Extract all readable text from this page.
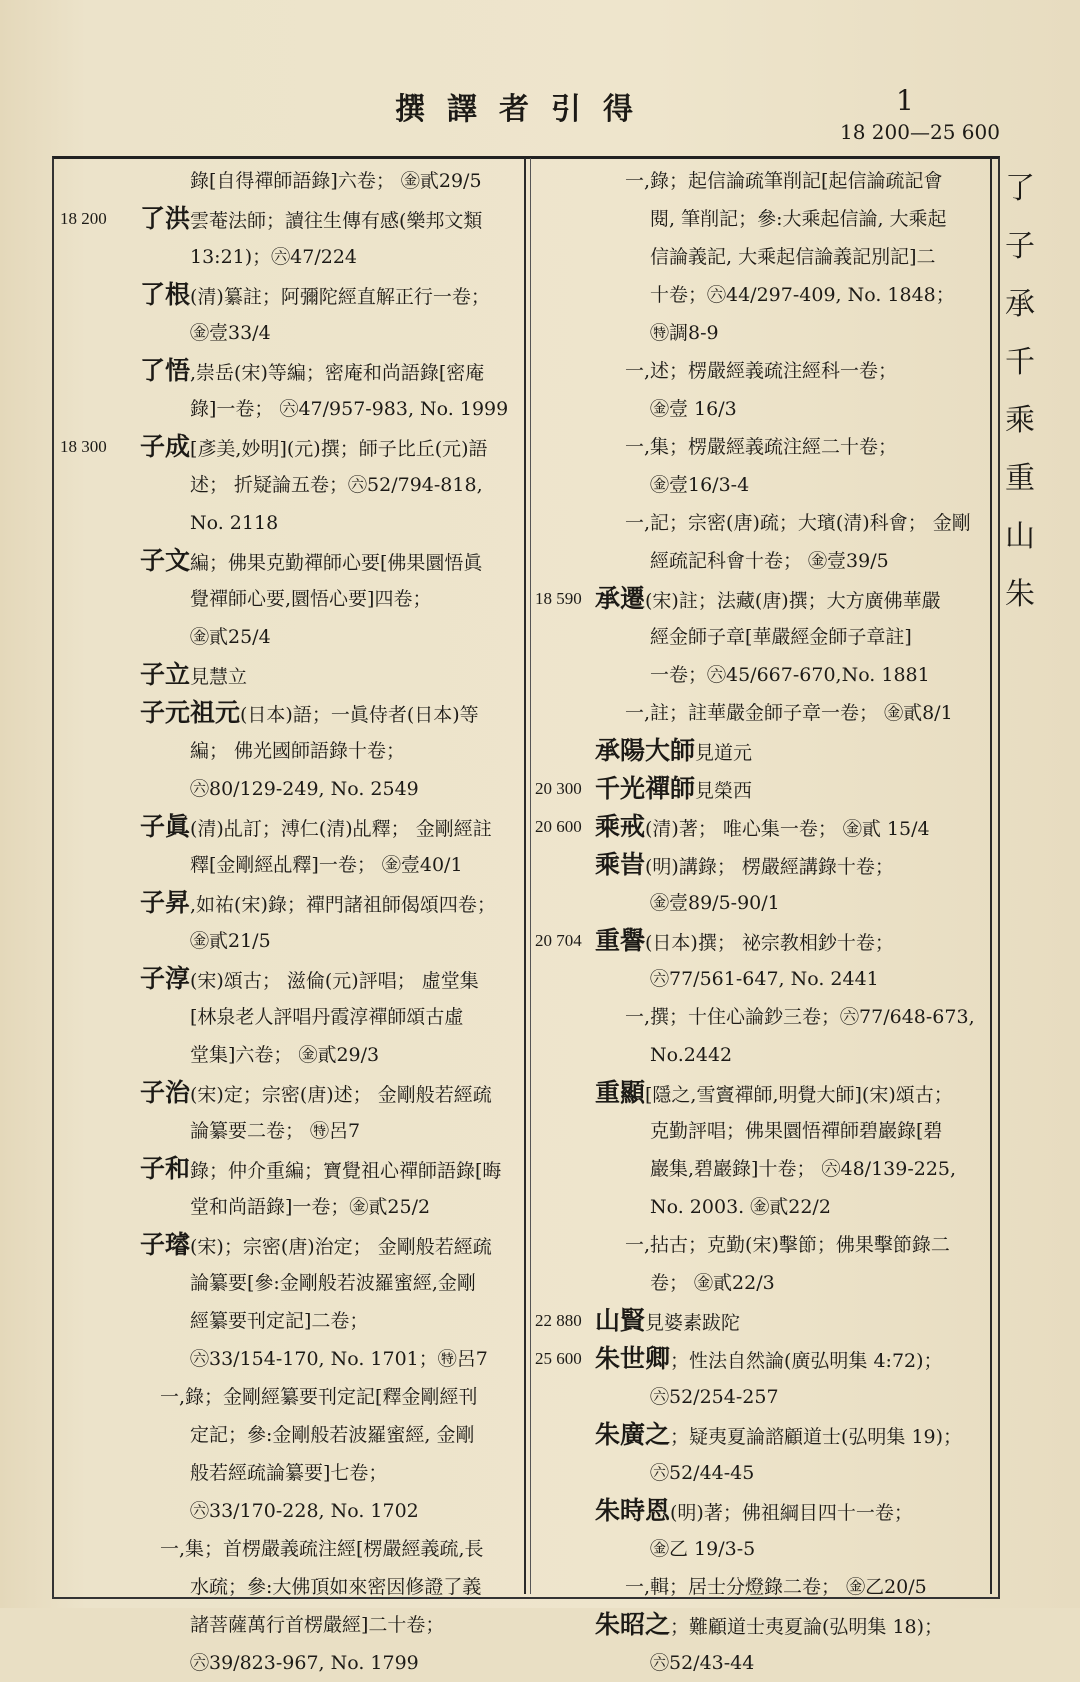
撰譯者引得	1
18 200—25 600
錄[自得禪師語錄]六卷； ㊎貳29/5
18 200 了洪雲菴法師；讀往生傳有感(樂邦文類
13:21)；㊅47/224
了根(清)纂註；阿彌陀經直解正行一卷；
㊎壹33/4
了悟,崇岳(宋)等編；密庵和尚語錄[密庵
錄]一卷； ㊅47/957-983, No. 1999
18 300 子成[彥美,妙明](元)撰；師子比丘(元)語
述； 折疑論五卷；㊅52/794-818,
No. 2118
子文編；佛果克勤禪師心要[佛果圜悟眞
覺禪師心要,圜悟心要]四卷；
㊎貳25/4
子立見慧立
子元祖元(日本)語；一眞侍者(日本)等
編； 佛光國師語錄十卷；
㊅80/129-249, No. 2549
子眞(清)乩訂；溥仁(清)乩釋； 金剛經註
釋[金剛經乩釋]一卷； ㊎壹40/1
子昇,如祐(宋)錄；禪門諸祖師偈頌四卷；
㊎貳21/5
子淳(宋)頌古； 滋倫(元)評唱； 虛堂集
[林泉老人評唱丹霞淳禪師頌古虛
堂集]六卷； ㊎貳29/3
子治(宋)定；宗密(唐)述； 金剛般若經疏
論纂要二卷； ㊕呂7
子和錄；仲介重編；寶覺祖心禪師語錄[晦
堂和尚語錄]一卷；㊎貳25/2
子璿(宋)；宗密(唐)治定； 金剛般若經疏
論纂要[參:金剛般若波羅蜜經,金剛
經纂要刊定記]二卷；
㊅33/154-170, No. 1701；㊕呂7
一,錄；金剛經纂要刊定記[釋金剛經刊
定記；參:金剛般若波羅蜜經, 金剛
般若經疏論纂要]七卷；
㊅33/170-228, No. 1702
一,集；首楞嚴義疏注經[楞嚴經義疏,長
水疏；參:大佛頂如來密因修證了義
諸菩薩萬行首楞嚴經]二十卷；
㊅39/823-967, No. 1799
一,錄；起信論疏筆削記[起信論疏記會
閱, 筆削記；參:大乘起信論, 大乘起
信論義記, 大乘起信論義記別記]二
十卷；㊅44/297-409, No. 1848；
㊕調8-9
一,述；楞嚴經義疏注經科一卷；
㊎壹 16/3
一,集；楞嚴經義疏注經二十卷；
㊎壹16/3-4
一,記；宗密(唐)疏；大璸(清)科會； 金剛
經疏記科會十卷； ㊎壹39/5
18 590 承遷(宋)註；法藏(唐)撰；大方廣佛華嚴
經金師子章[華嚴經金師子章註]
一卷；㊅45/667-670,No. 1881
一,註；註華嚴金師子章一卷； ㊎貳8/1
承陽大師見道元
20 300 千光禪師見榮西
20 600 乘戒(清)著； 唯心集一卷； ㊎貳 15/4
乘旹(明)講錄； 楞嚴經講錄十卷；
㊎壹89/5-90/1
20 704 重譽(日本)撰； 祕宗教相鈔十卷；
㊅77/561-647, No. 2441
一,撰；十住心論鈔三卷；㊅77/648-673,
No.2442
重顯[隱之,雪竇禪師,明覺大師](宋)頌古；
克勤評唱；佛果圜悟禪師碧巖錄[碧
巖集,碧巖錄]十卷； ㊅48/139-225,
No. 2003. ㊎貳22/2
一,拈古；克勤(宋)擊節；佛果擊節錄二
卷； ㊎貳22/3
22 880 山賢見婆素跋陀
25 600 朱世卿；性法自然論(廣弘明集 4:72)；
㊅52/254-257
朱廣之；疑夷夏論諮顧道士(弘明集 19)；
㊅52/44-45
朱時恩(明)著；佛祖綱目四十一卷；
㊎乙 19/3-5
一,輯；居士分燈錄二卷； ㊎乙20/5
朱昭之；難顧道士夷夏論(弘明集 18)；
㊅52/43-44
了
子
承
千
乘
重
山
朱
